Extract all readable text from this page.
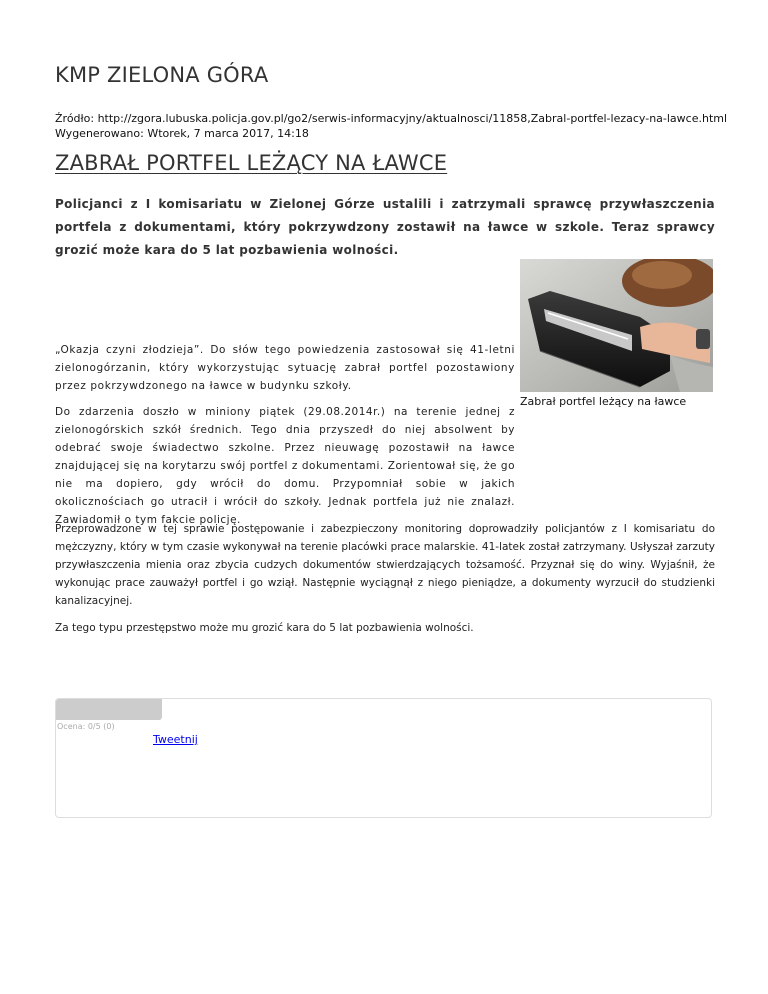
KMP ZIELONA GÓRA
Źródło: http://zgora.lubuska.policja.gov.pl/go2/serwis-informacyjny/aktualnosci/11858,Zabral-portfel-lezacy-na-lawce.html
Wygenerowano: Wtorek, 7 marca 2017, 14:18
ZABRAŁ PORTFEL LEŻĄCY NA ŁAWCE

Policjanci z I komisariatu w Zielonej Górze ustalili i zatrzymali sprawcę przywłaszczenia portfela z dokumentami, który pokrzywdzony zostawił na ławce w szkole. Teraz sprawcy grozić może kara do 5 lat pozbawienia wolności.

Zabrał portfel leżący na ławce

„Okazja czyni złodzieja”. Do słów tego powiedzenia zastosował się 41-letni zielonogórzanin, który wykorzystując sytuację zabrał portfel pozostawiony przez pokrzywdzonego na ławce w budynku szkoły.

Do zdarzenia doszło w miniony piątek (29.08.2014r.) na terenie jednej z zielonogórskich szkół średnich. Tego dnia przyszedł do niej absolwent by odebrać swoje świadectwo szkolne. Przez nieuwagę pozostawił na ławce znajdującej się na korytarzu swój portfel z dokumentami. Zorientował się, że go nie ma dopiero, gdy wrócił do domu. Przypomniał sobie w jakich okolicznościach go utracił i wrócił do szkoły. Jednak portfela już nie znalazł. Zawiadomił o tym fakcie policję.

Przeprowadzone w tej sprawie postępowanie i zabezpieczony monitoring doprowadziły policjantów z I komisariatu do mężczyzny, który w tym czasie wykonywał na terenie placówki prace malarskie. 41-latek został zatrzymany. Usłyszał zarzuty przywłaszczenia mienia oraz zbycia cudzych dokumentów stwierdzających tożsamość. Przyznał się do winy. Wyjaśnił, że wykonując prace zauważył portfel i go wziął. Następnie wyciągnął z niego pieniądze, a dokumenty wyrzucił do studzienki kanalizacyjnej.

Za tego typu przestępstwo może mu grozić kara do 5 lat pozbawienia wolności.

Ocena: 0/5 (0)
Tweetnij
